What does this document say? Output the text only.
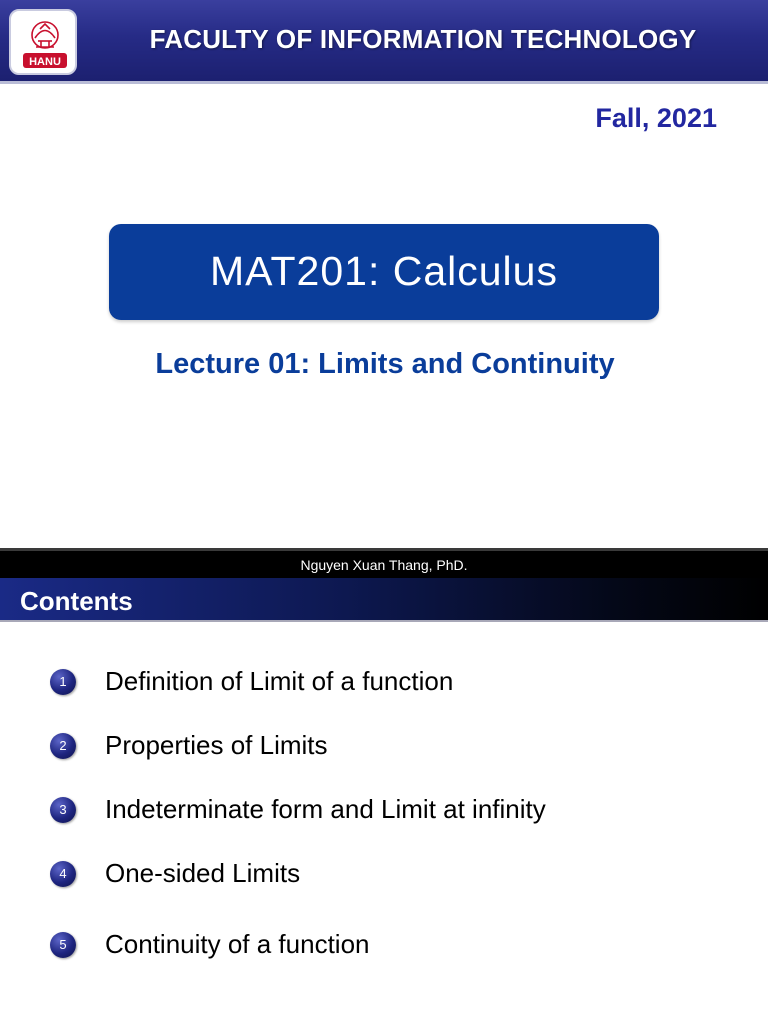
HANU
FACULTY OF INFORMATION TECHNOLOGY
Fall, 2021
MAT201: Calculus
Lecture 01: Limits and Continuity
Nguyen Xuan Thang, PhD.
Contents
1	Definition of Limit of a function
2	Properties of Limits
3	Indeterminate form and Limit at infinity
4	One-sided Limits
5	Continuity of a function
